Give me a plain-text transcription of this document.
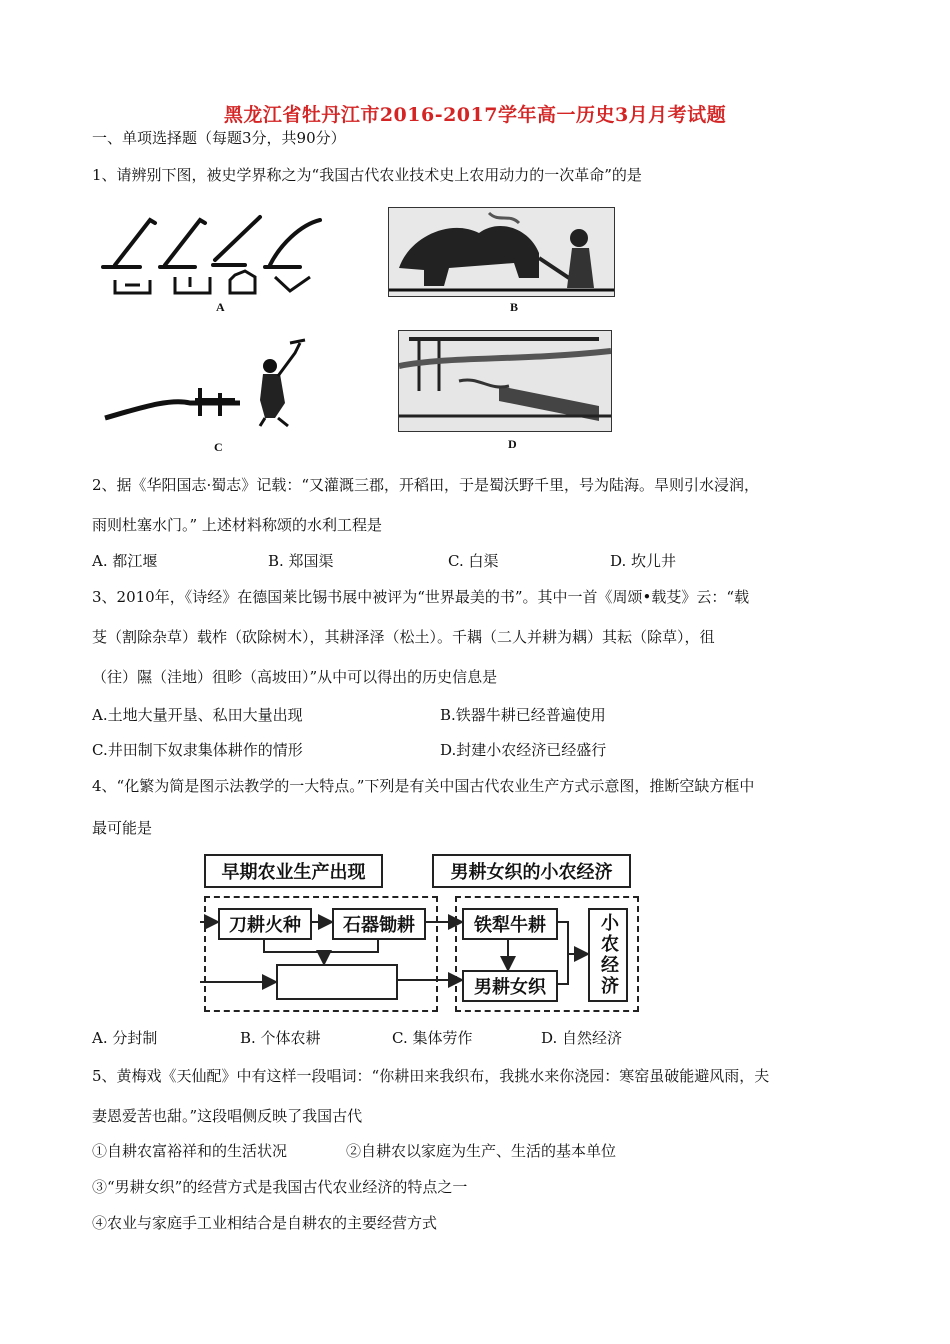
黑龙江省牡丹江市2016-2017学年高一历史3月月考试题
一、单项选择题（每题3分，共90分）
1、请辨别下图，被史学界称之为“我国古代农业技术史上农用动力的一次革命”的是
A	B
C	D
2、据《华阳国志·蜀志》记载：“又灌溉三郡，开稻田，于是蜀沃野千里，号为陆海。旱则引水浸润，
雨则杜塞水门。” 上述材料称颂的水利工程是
A. 都江堰	B. 郑国渠	C. 白渠	D. 坎儿井
3、2010年，《诗经》在德国莱比锡书展中被评为“世界最美的书”。其中一首《周颂•载芟》云：“载
芟（割除杂草）载柞（砍除树木），其耕泽泽（松土）。千耦（二人并耕为耦）其耘（除草），徂
（往）隰（洼地）徂畛（高坡田）”从中可以得出的历史信息是
A.土地大量开垦、私田大量出现	B.铁器牛耕已经普遍使用
C.井田制下奴隶集体耕作的情形	D.封建小农经济已经盛行
4、“化繁为简是图示法教学的一大特点。”下列是有关中国古代农业生产方式示意图，推断空缺方框中
最可能是
早期农业生产出现	男耕女织的小农经济
刀耕火种	石器锄耕	铁犁牛耕
男耕女织	小农经济
A. 分封制	B. 个体农耕	C. 集体劳作	D. 自然经济
5、黄梅戏《天仙配》中有这样一段唱词：“你耕田来我织布，我挑水来你浇园：寒窑虽破能避风雨，夫
妻恩爱苦也甜。”这段唱侧反映了我国古代
①自耕农富裕祥和的生活状况	②自耕农以家庭为生产、生活的基本单位
③“男耕女织”的经营方式是我国古代农业经济的特点之一
④农业与家庭手工业相结合是自耕农的主要经营方式
